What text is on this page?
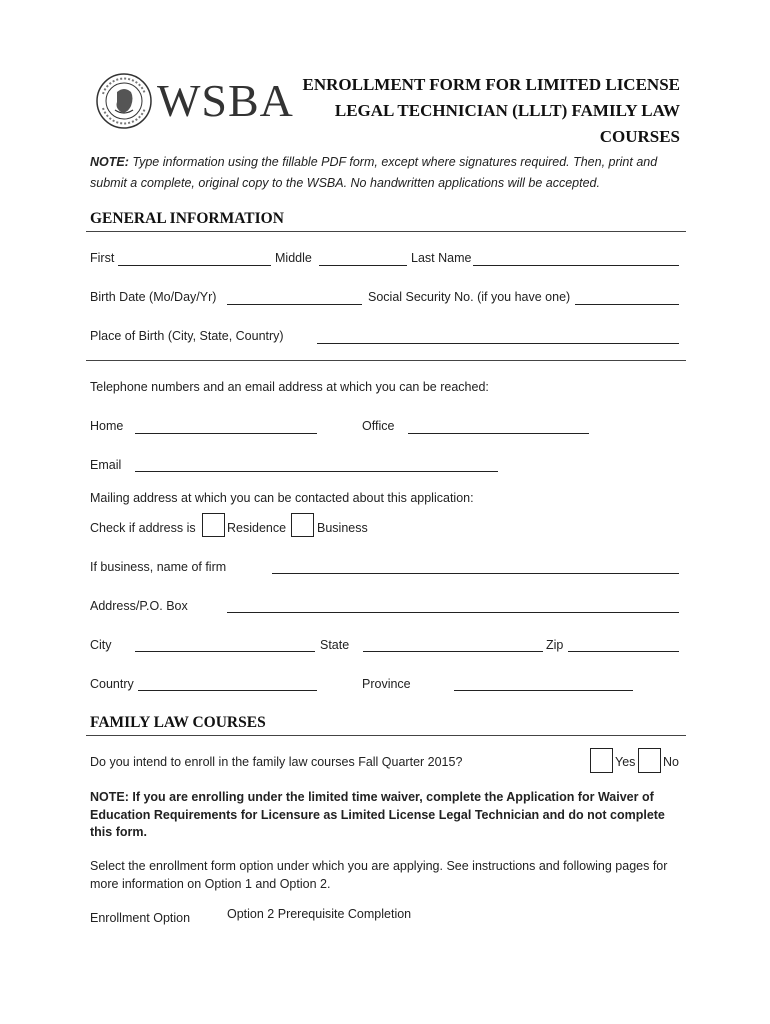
WSBA ENROLLMENT FORM FOR LIMITED LICENSE
LEGAL TECHNICIAN (LLLT) FAMILY LAW
COURSES
NOTE: Type information using the fillable PDF form, except where signatures required. Then, print and submit a complete, original copy to the WSBA. No handwritten applications will be accepted.
GENERAL INFORMATION
First	Middle	Last Name
Birth Date (Mo/Day/Yr)	Social Security No. (if you have one)
Place of Birth (City, State, Country)
Telephone numbers and an email address at which you can be reached:
Home	Office
Email
Mailing address at which you can be contacted about this application:
Check if address is	Residence Business
If business, name of firm
Address/P.O. Box
City	State	Zip
Country	Province
FAMILY LAW COURSES
Do you intend to enroll in the family law courses Fall Quarter 2015?	Yes No
NOTE: If you are enrolling under the limited time waiver, complete the Application for Waiver of Education Requirements for Licensure as Limited License Legal Technician and do not complete this form.
Select the enrollment form option under which you are applying. See instructions and following pages for more information on Option 1 and Option 2.
Enrollment Option	Option 2 Prerequisite Completion
